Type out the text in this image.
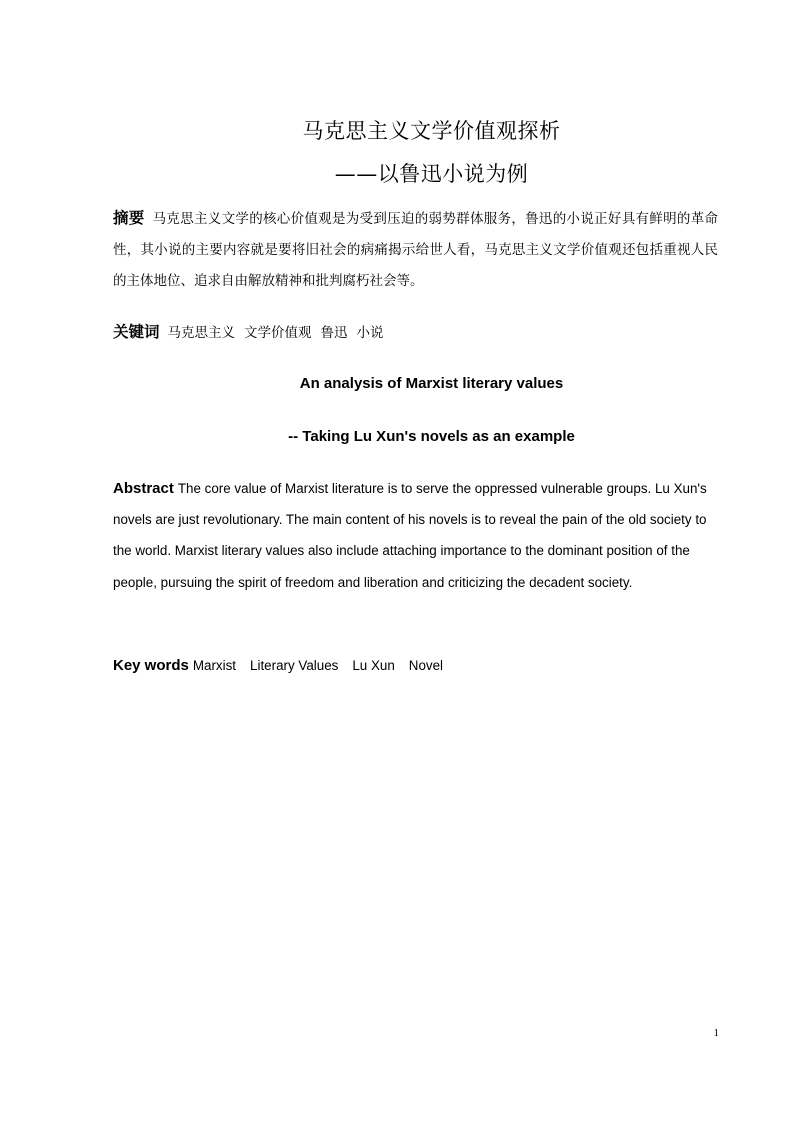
马克思主义文学价值观探析
——以鲁迅小说为例
摘要 马克思主义文学的核心价值观是为受到压迫的弱势群体服务，鲁迅的小说正好具有鲜明的革命性，其小说的主要内容就是要将旧社会的病痛揭示给世人看，马克思主义文学价值观还包括重视人民的主体地位、追求自由解放精神和批判腐朽社会等。
关键词 马克思主义 文学价值观 鲁迅 小说
An analysis of Marxist literary values
-- Taking Lu Xun's novels as an example
Abstract The core value of Marxist literature is to serve the oppressed vulnerable groups. Lu Xun's novels are just revolutionary. The main content of his novels is to reveal the pain of the old society to the world. Marxist literary values also include attaching importance to the dominant position of the people, pursuing the spirit of freedom and liberation and criticizing the decadent society.
Key words Marxist Literary Values Lu Xun Novel
1
